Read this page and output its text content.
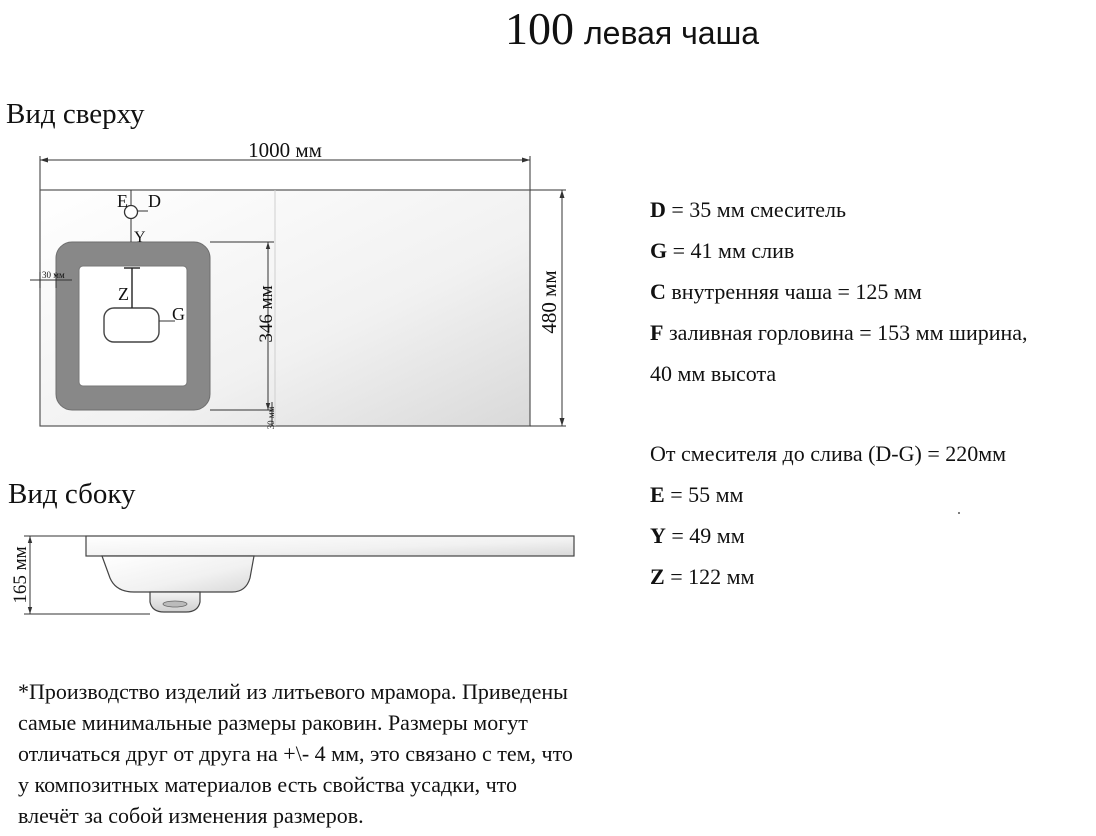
100 левая чаша
Вид сверху
Вид сбоку
1000 мм
480 мм
G
Z
E D
Y
346 мм
30 мм
30 мм
165 мм
D = 35 мм смеситель
G = 41 мм слив
C внутренняя чаша = 125 мм
F заливная горловина = 153 мм ширина,
40 мм высота
От смесителя до слива (D-G) = 220мм
E = 55 мм
Y = 49 мм
Z = 122 мм
*Производство изделий из литьевого мрамора. Приведены
самые минимальные размеры раковин. Размеры могут
отличаться друг от друга на +\- 4 мм, это связано с тем, что
у композитных материалов есть свойства усадки, что
влечёт за собой изменения размеров.
